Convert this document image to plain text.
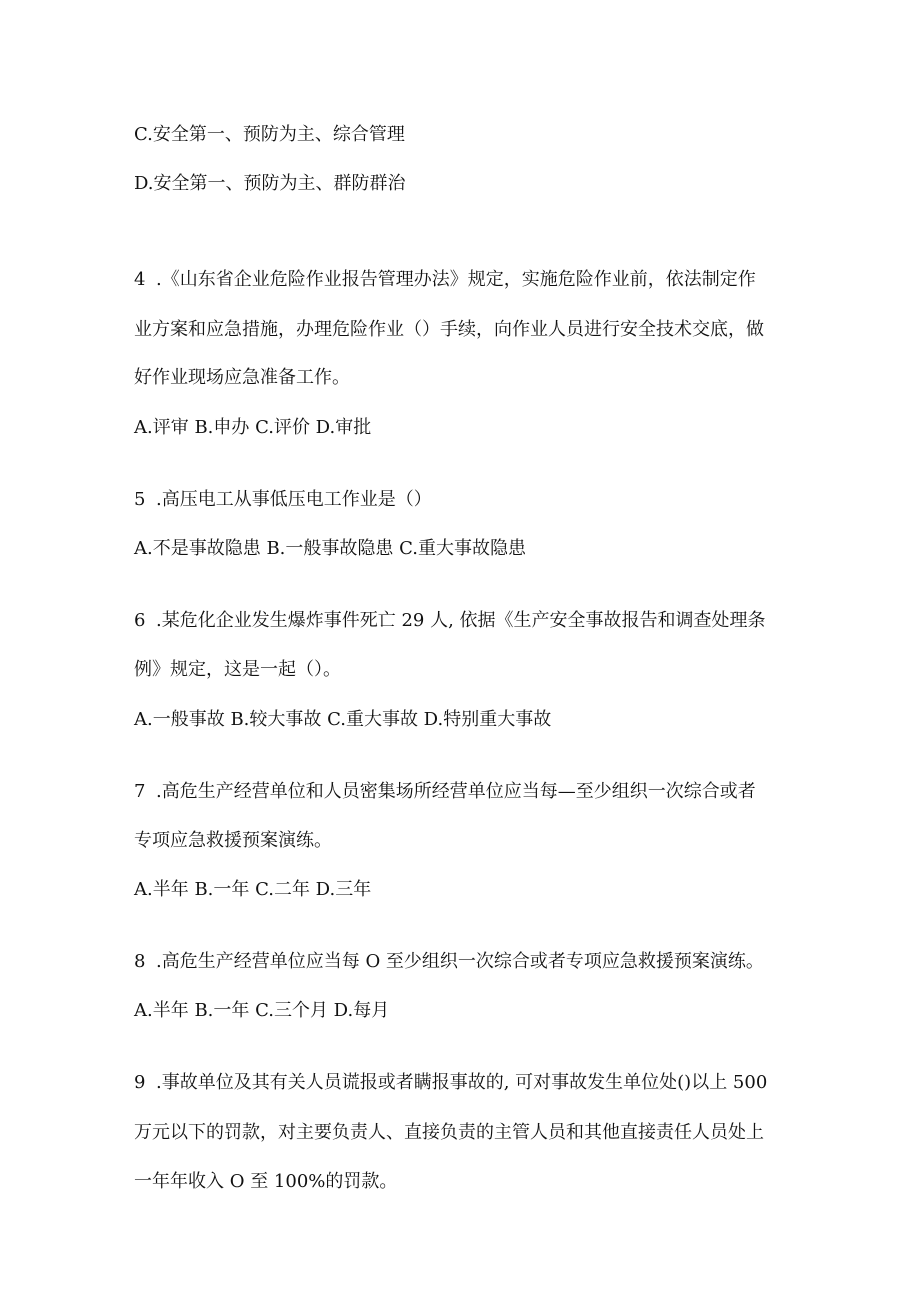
C.安全第一、预防为主、综合管理
D.安全第一、预防为主、群防群治
4 .《山东省企业危险作业报告管理办法》规定，实施危险作业前，依法制定作
业方案和应急措施，办理危险作业（）手续，向作业人员进行安全技术交底，做
好作业现场应急准备工作。
A.评审 B.申办 C.评价 D.审批
5 .高压电工从事低压电工作业是（）
A.不是事故隐患 B.一般事故隐患 C.重大事故隐患
6 .某危化企业发生爆炸事件死亡 29 人, 依据《生产安全事故报告和调查处理条
例》规定，这是一起（）。
A.一般事故 B.较大事故 C.重大事故 D.特别重大事故
7 .高危生产经营单位和人员密集场所经营单位应当每—至少组织一次综合或者
专项应急救援预案演练。
A.半年 B.一年 C.二年 D.三年
8 .高危生产经营单位应当每 O 至少组织一次综合或者专项应急救援预案演练。
A.半年 B.一年 C.三个月 D.每月
9 .事故单位及其有关人员谎报或者瞒报事故的, 可对事故发生单位处()以上 500
万元以下的罚款，对主要负责人、直接负责的主管人员和其他直接责任人员处上
一年年收入 O 至 100%的罚款。
